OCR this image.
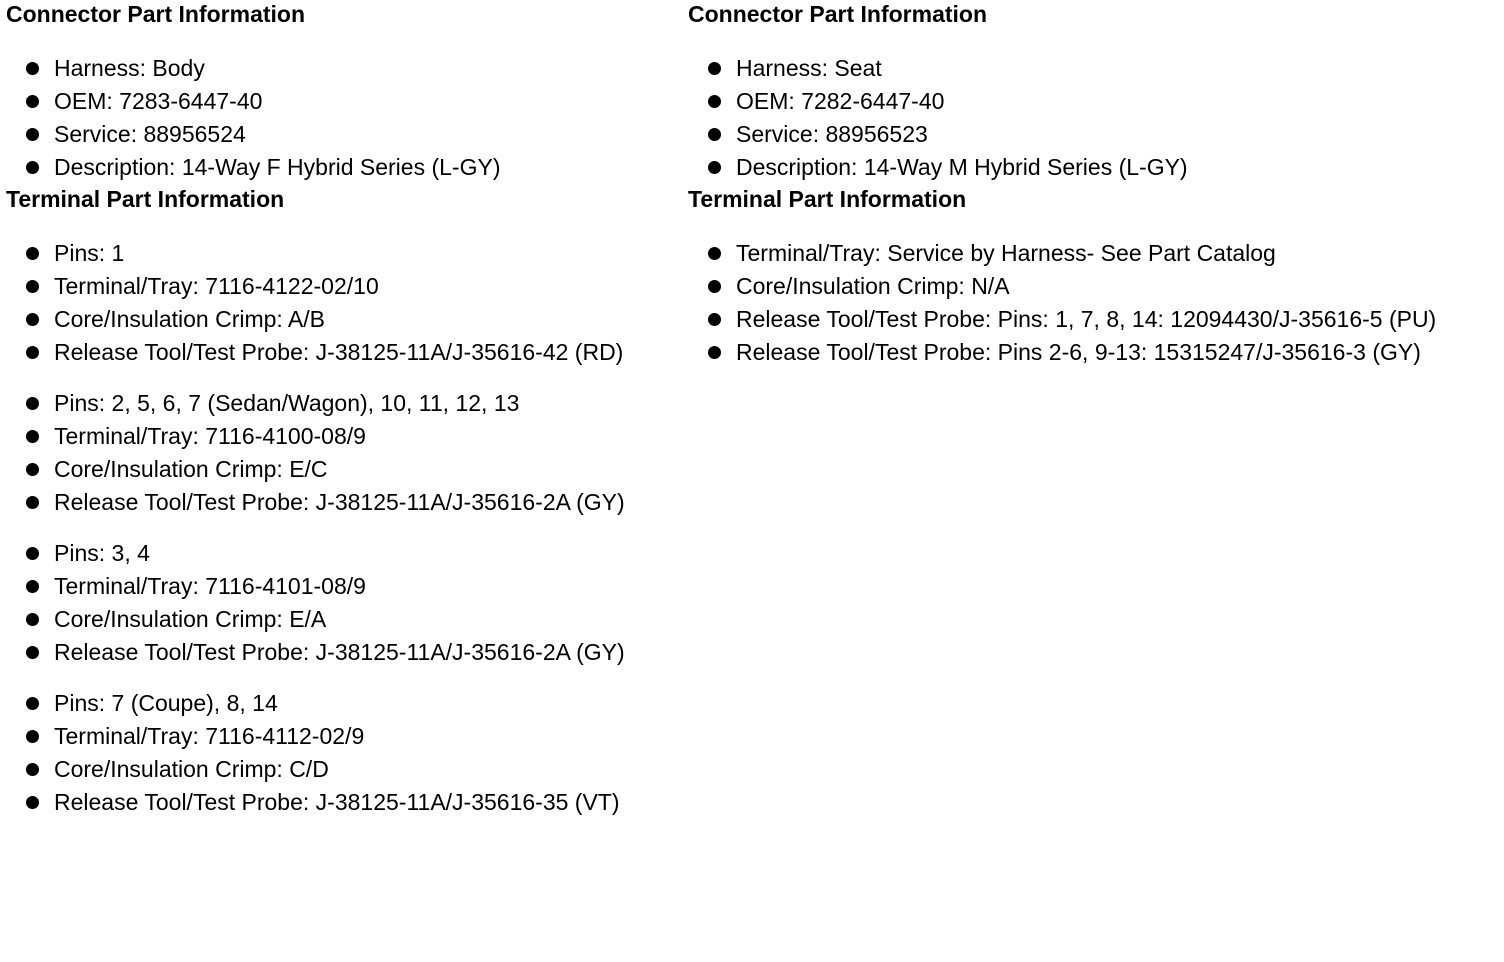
Connector Part Information
Harness: Body
OEM: 7283-6447-40
Service: 88956524
Description: 14-Way F Hybrid Series (L-GY)
Terminal Part Information
Pins: 1
Terminal/Tray: 7116-4122-02/10
Core/Insulation Crimp: A/B
Release Tool/Test Probe: J-38125-11A/J-35616-42 (RD)
Pins: 2, 5, 6, 7 (Sedan/Wagon), 10, 11, 12, 13
Terminal/Tray: 7116-4100-08/9
Core/Insulation Crimp: E/C
Release Tool/Test Probe: J-38125-11A/J-35616-2A (GY)
Pins: 3, 4
Terminal/Tray: 7116-4101-08/9
Core/Insulation Crimp: E/A
Release Tool/Test Probe: J-38125-11A/J-35616-2A (GY)
Pins: 7 (Coupe), 8, 14
Terminal/Tray: 7116-4112-02/9
Core/Insulation Crimp: C/D
Release Tool/Test Probe: J-38125-11A/J-35616-35 (VT)
Connector Part Information
Harness: Seat
OEM: 7282-6447-40
Service: 88956523
Description: 14-Way M Hybrid Series (L-GY)
Terminal Part Information
Terminal/Tray: Service by Harness- See Part Catalog
Core/Insulation Crimp: N/A
Release Tool/Test Probe: Pins: 1, 7, 8, 14: 12094430/J-35616-5 (PU)
Release Tool/Test Probe: Pins 2-6, 9-13: 15315247/J-35616-3 (GY)
